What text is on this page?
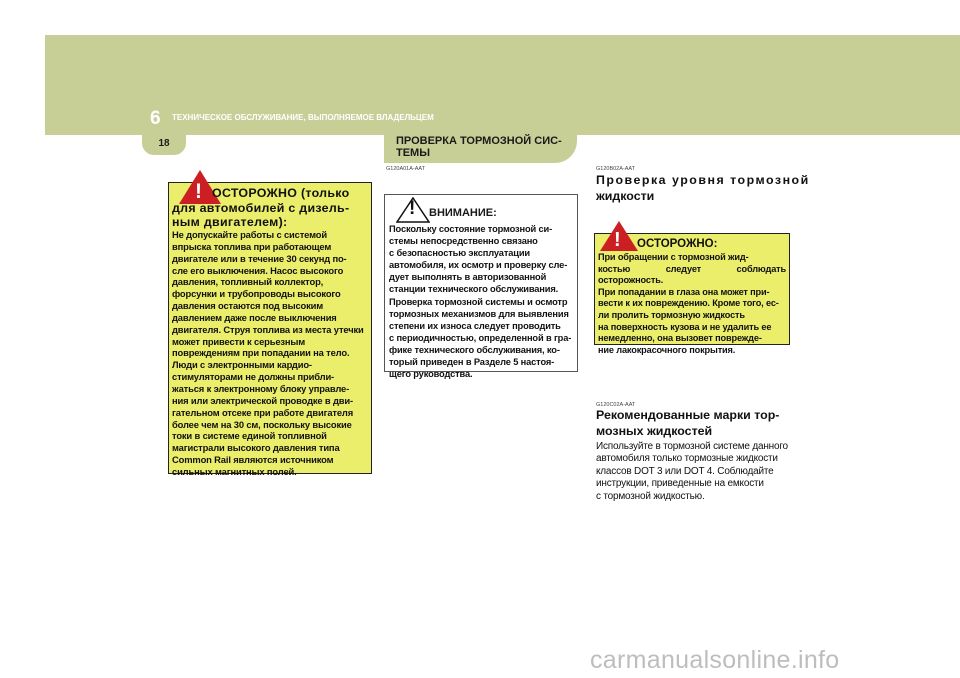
6 ТЕХНИЧЕСКОЕ ОБСЛУЖИВАНИЕ, ВЫПОЛНЯЕМОЕ ВЛАДЕЛЬЦЕМ
18	ПРОВЕРКА ТОРМОЗНОЙ СИС-
ТЕМЫ
! ОСТОРОЖНО (только
для автомобилей с дизель-
ным двигателем):
Не допускайте работы с системой
впрыска топлива при работающем
двигателе или в течение 30 секунд по-
сле его выключения. Насос высокого
давления, топливный коллектор,
форсунки и трубопроводы высокого
давления остаются под высоким
давлением даже после выключения
двигателя. Струя топлива из места утечки
может привести к серьезным
повреждениям при попадании на тело.
Люди с электронными кардио-
стимуляторами не должны прибли-
жаться к электронному блоку управле-
ния или электрической проводке в дви-
гательном отсеке при работе двигателя
более чем на 30 см, поскольку высокие
токи в системе единой топливной
магистрали высокого давления типа
Common Rail являются источником
сильных магнитных полей.
G120A01A-AAT
! ВНИМАНИЕ:
Поскольку состояние тормозной си-
стемы непосредственно связано
с безопасностью эксплуатации
автомобиля, их осмотр и проверку сле-
дует выполнять в авторизованной
станции технического обслуживания.
Проверка тормозной системы и осмотр
тормозных механизмов для выявления
степени их износа следует проводить
с периодичностью, определенной в гра-
фике технического обслуживания, ко-
торый приведен в Разделе 5 настоя-
щего руководства.
G120B02A-AAT
Проверка уровня тормозной
жидкости
! ОСТОРОЖНО:
При обращении с тормозной жид-
костью следует соблюдать осторожность.
При попадании в глаза она может при-
вести к их повреждению. Кроме того, ес-
ли пролить тормозную жидкость
на поверхность кузова и не удалить ее
немедленно, она вызовет поврежде-
ние лакокрасочного покрытия.
G120C02A-AAT
Рекомендованные марки тор-
мозных жидкостей
Используйте в тормозной системе данного
автомобиля только тормозные жидкости
классов DOT 3 или DOT 4. Соблюдайте
инструкции, приведенные на емкости
с тормозной жидкостью.
carmanualsonline.info
